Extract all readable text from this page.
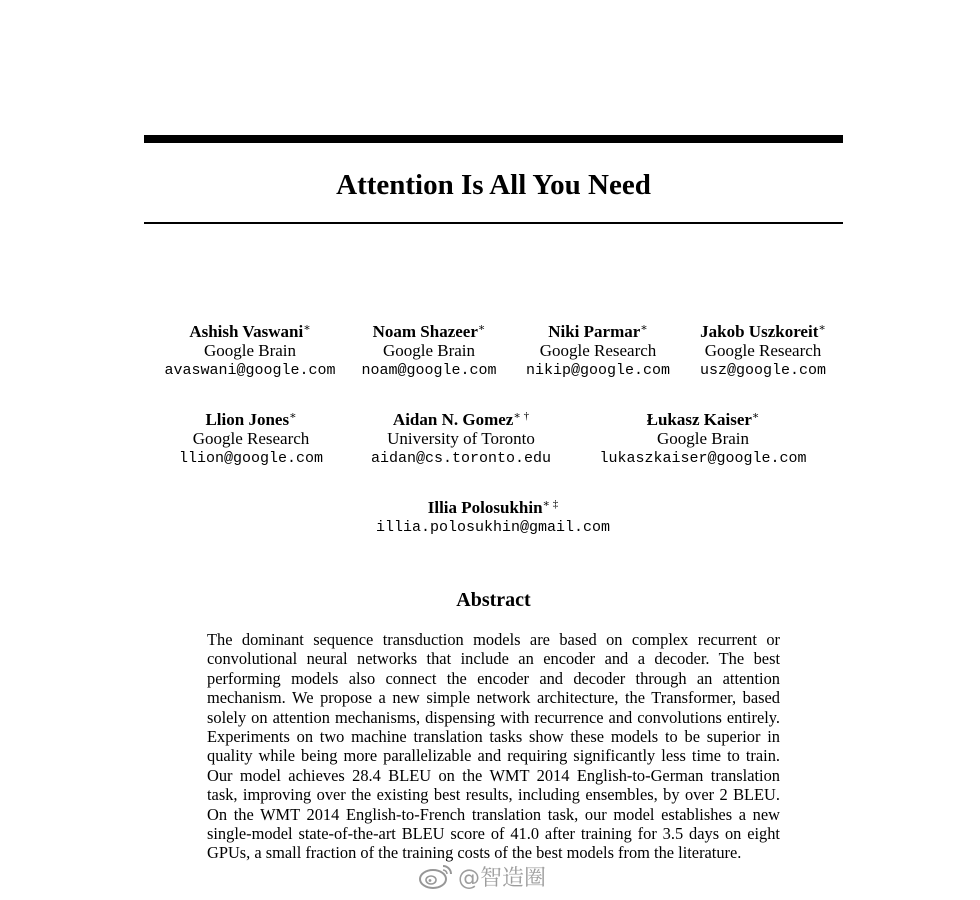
Attention Is All You Need
Ashish Vaswani∗
Google Brain
avaswani@google.com
Noam Shazeer∗
Google Brain
noam@google.com
Niki Parmar∗
Google Research
nikip@google.com
Jakob Uszkoreit∗
Google Research
usz@google.com
Llion Jones∗
Google Research
llion@google.com
Aidan N. Gomez∗ †
University of Toronto
aidan@cs.toronto.edu
Łukasz Kaiser∗
Google Brain
lukaszkaiser@google.com
Illia Polosukhin∗ ‡
illia.polosukhin@gmail.com
Abstract
The dominant sequence transduction models are based on complex recurrent or convolutional neural networks that include an encoder and a decoder. The best performing models also connect the encoder and decoder through an attention mechanism. We propose a new simple network architecture, the Transformer, based solely on attention mechanisms, dispensing with recurrence and convolutions entirely. Experiments on two machine translation tasks show these models to be superior in quality while being more parallelizable and requiring significantly less time to train. Our model achieves 28.4 BLEU on the WMT 2014 English-to-German translation task, improving over the existing best results, including ensembles, by over 2 BLEU. On the WMT 2014 English-to-French translation task, our model establishes a new single-model state-of-the-art BLEU score of 41.0 after training for 3.5 days on eight GPUs, a small fraction of the training costs of the best models from the literature.
@智造圈
